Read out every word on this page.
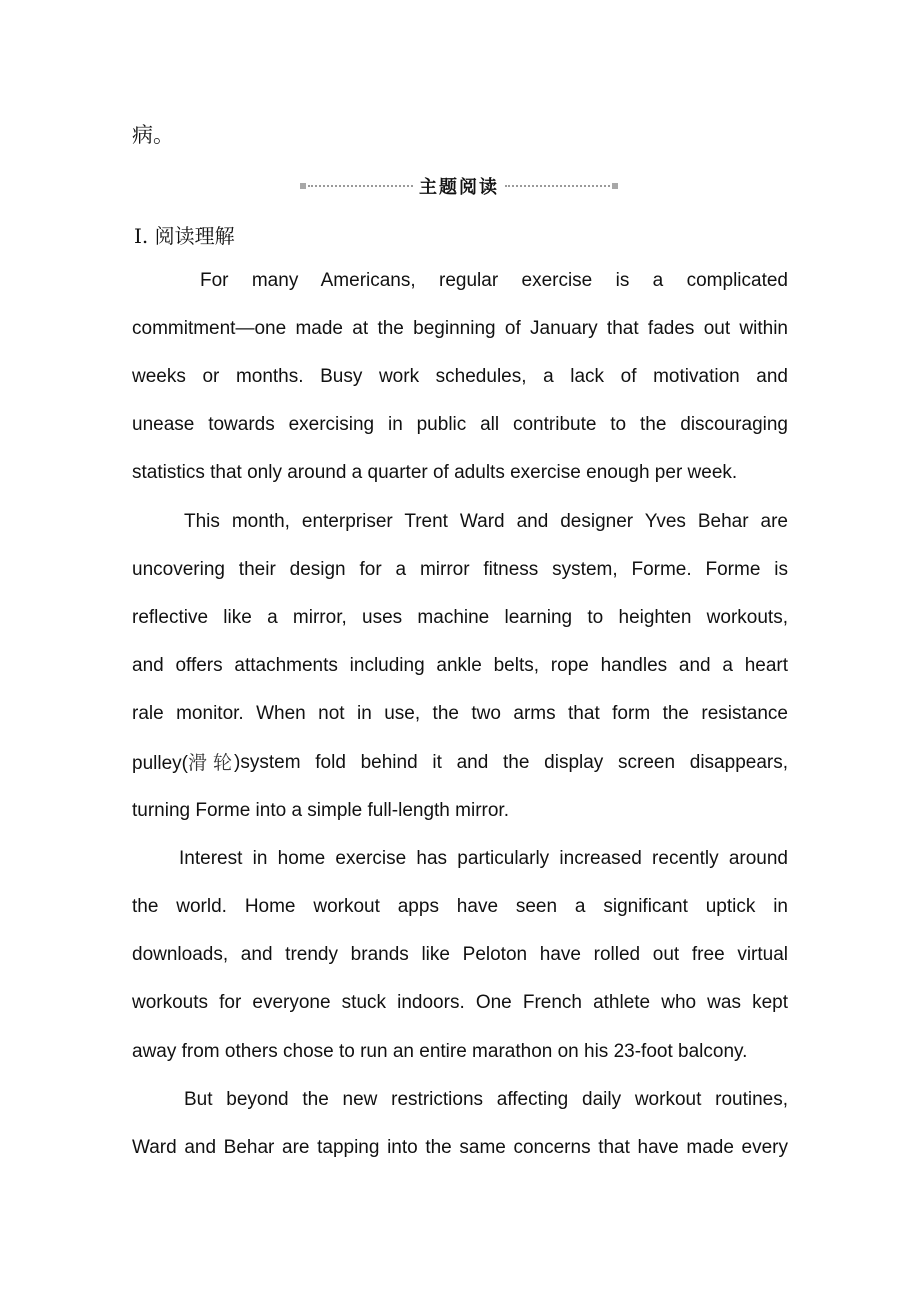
病。
主题阅读
Ⅰ. 阅读理解
For many Americans, regular exercise is a complicated
commitment—one made at the beginning of January that fades out within
weeks or months. Busy work schedules, a lack of motivation and
unease towards exercising in public all contribute to the discouraging
statistics that only around a quarter of adults exercise enough per week.
This month, enterpriser Trent Ward and designer Yves Behar are
uncovering their design for a mirror fitness system, Forme. Forme is
reflective like a mirror, uses machine learning to heighten workouts,
and offers attachments including ankle belts, rope handles and a heart
rale monitor. When not in use, the two arms that form the resistance
pulley(滑 轮 )system fold behind it and the display screen disappears,
turning Forme into a simple full-length mirror.
Interest in home exercise has particularly increased recently around
the world. Home workout apps have seen a significant uptick in
downloads, and trendy brands like Peloton have rolled out free virtual
workouts for everyone stuck indoors. One French athlete who was kept
away from others chose to run an entire marathon on his 23-foot balcony.
But beyond the new restrictions affecting daily workout routines,
Ward and Behar are tapping into the same concerns that have made every
